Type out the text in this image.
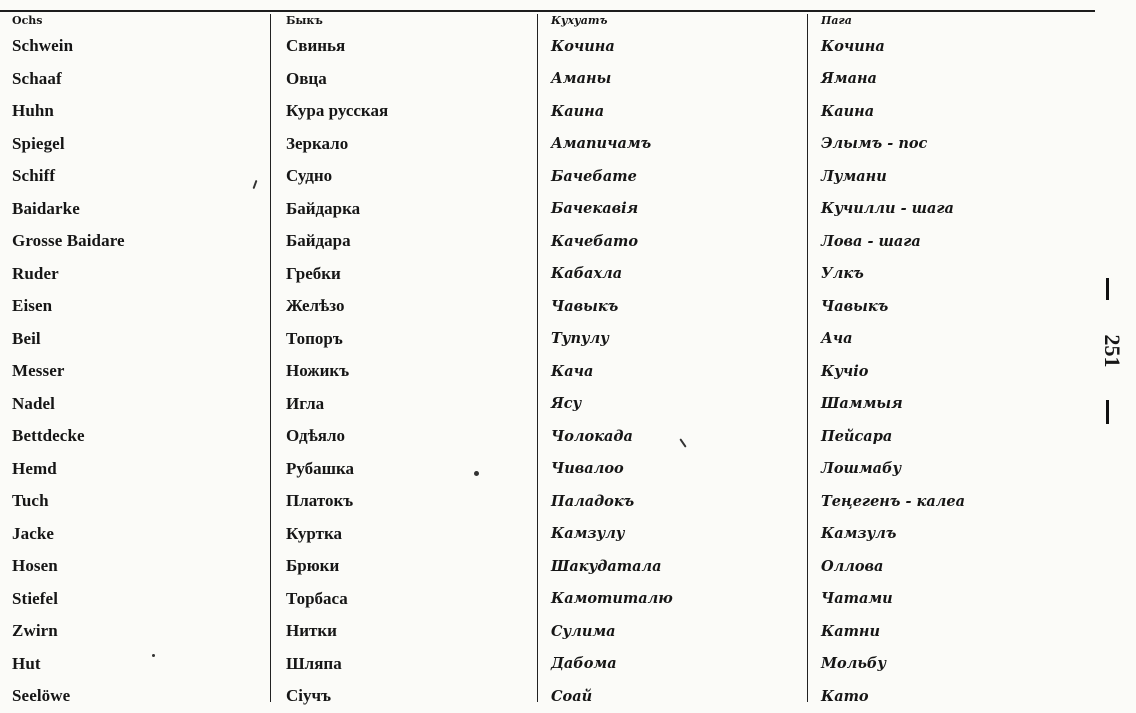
Ochs	Быкъ	Кухуатъ	Пага
Schwein	Свинья	Кочина	Кочина
Schaaf	Овца	Аманы	Ямана
Huhn	Кура русская	Каина	Каина
Spiegel	Зеркало	Амапичамъ	Элымъ - пос
Schiff	Судно	Бачебате	Лумани
Baidarke	Байдарка	Бачекавiя	Кучилли - шага
Grosse Baidare	Байдара	Качебато	Лова - шага
Ruder	Гребки	Кабахла	Улкъ
Eisen	Желѣзо	Чавыкъ	Чавыкъ
Beil	Топоръ	Тупулу	Ача
Messer	Ножикъ	Кача	Кучiо
Nadel	Игла	Ясу	Шаммыя
Bettdecke	Одѣяло	Чолокада	Пейсара
Hemd	Рубашка	Чивалоо	Лошмабу
Tuch	Платокъ	Паладокъ	Теңегенъ - калеа
Jacke	Куртка	Камзулу	Камзулъ
Hosen	Брюки	Шакудатала	Оллова
Stiefel	Торбаса	Камотиталю	Чатами
Zwirn	Нитки	Сулима	Катни
Hut	Шляпа	Дабома	Мольбу
Seelöwe	Сiучъ	Соай	Като
251
